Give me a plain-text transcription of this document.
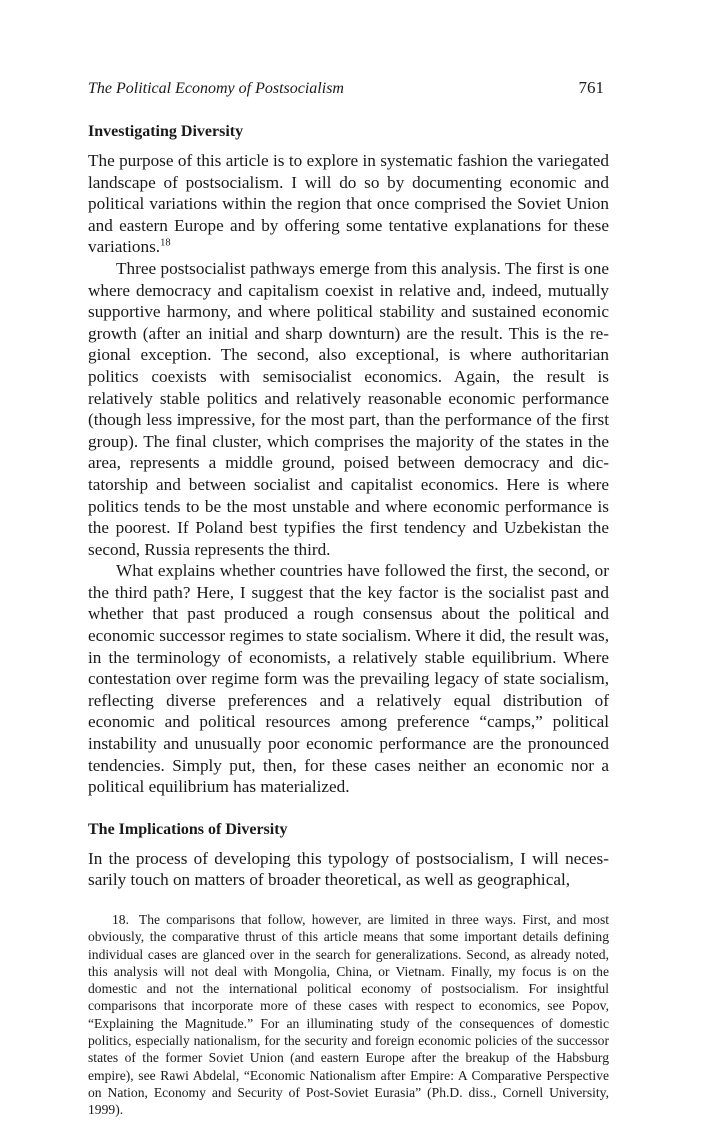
The Political Economy of Postsocialism	761
Investigating Diversity

The purpose of this article is to explore in systematic fashion the variegated landscape of postsocialism. I will do so by documenting economic and political variations within the region that once comprised the Soviet Union and eastern Europe and by offering some tentative explanations for these variations.$^{18}$

Three postsocialist pathways emerge from this analysis. The first is one where democracy and capitalism coexist in relative and, indeed, mutually supportive harmony, and where political stability and sustained economic growth (after an initial and sharp downturn) are the result. This is the regional exception. The second, also exceptional, is where authoritarian politics coexists with semisocialist economics. Again, the result is relatively stable politics and relatively reasonable economic performance (though less impressive, for the most part, than the performance of the first group). The final cluster, which comprises the majority of the states in the area, represents a middle ground, poised between democracy and dictatorship and between socialist and capitalist economics. Here is where politics tends to be the most unstable and where economic performance is the poorest. If Poland best typifies the first tendency and Uzbekistan the second, Russia represents the third.

What explains whether countries have followed the first, the second, or the third path? Here, I suggest that the key factor is the socialist past and whether that past produced a rough consensus about the political and economic successor regimes to state socialism. Where it did, the result was, in the terminology of economists, a relatively stable equilibrium. Where contestation over regime form was the prevailing legacy of state socialism, reflecting diverse preferences and a relatively equal distribution of economic and political resources among preference “camps,” political instability and unusually poor economic performance are the pronounced tendencies. Simply put, then, for these cases neither an economic nor a political equilibrium has materialized.

The Implications of Diversity

In the process of developing this typology of postsocialism, I will necessarily touch on matters of broader theoretical, as well as geographical,

18. The comparisons that follow, however, are limited in three ways. First, and most obviously, the comparative thrust of this article means that some important details defining individual cases are glanced over in the search for generalizations. Second, as already noted, this analysis will not deal with Mongolia, China, or Vietnam. Finally, my focus is on the domestic and not the international political economy of postsocialism. For insightful comparisons that incorporate more of these cases with respect to economics, see Popov, “Explaining the Magnitude.” For an illuminating study of the consequences of domestic politics, especially nationalism, for the security and foreign economic policies of the successor states of the former Soviet Union (and eastern Europe after the breakup of the Habsburg empire), see Rawi Abdelal, “Economic Nationalism after Empire: A Comparative Perspective on Nation, Economy and Security of Post-Soviet Eurasia” (Ph.D. diss., Cornell University, 1999).
